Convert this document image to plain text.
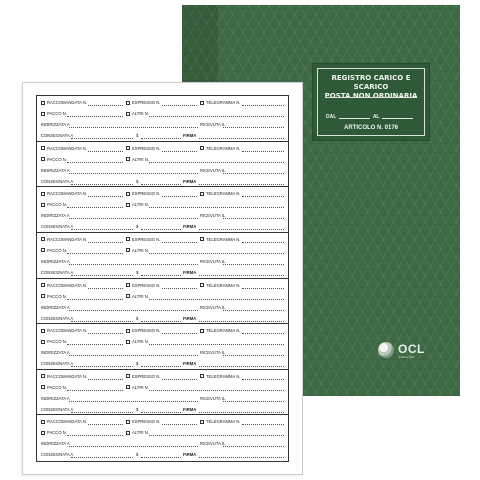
REGISTRO CARICO E SCARICO
POSTA NON ORDINARIA
DAL	AL
ARTICOLO N. 0176
OCL
FOGLI SPA
RACCOMANDATA N.	ESPRESSO N.	TELEGRAMMA N.
PACCO N.	ALTRI N.
INDIRIZZATA A	RICEVUTA IL
CONSEGNATA A	$	FIRMA
RACCOMANDATA N.	ESPRESSO N.	TELEGRAMMA N.
PACCO N.	ALTRI N.
INDIRIZZATA A	RICEVUTA IL
CONSEGNATA A	$	FIRMA
RACCOMANDATA N.	ESPRESSO N.	TELEGRAMMA N.
PACCO N.	ALTRI N.
INDIRIZZATA A	RICEVUTA IL
CONSEGNATA A	$	FIRMA
RACCOMANDATA N.	ESPRESSO N.	TELEGRAMMA N.
PACCO N.	ALTRI N.
INDIRIZZATA A	RICEVUTA IL
CONSEGNATA A	$	FIRMA
RACCOMANDATA N.	ESPRESSO N.	TELEGRAMMA N.
PACCO N.	ALTRI N.
INDIRIZZATA A	RICEVUTA IL
CONSEGNATA A	$	FIRMA
RACCOMANDATA N.	ESPRESSO N.	TELEGRAMMA N.
PACCO N.	ALTRI N.
INDIRIZZATA A	RICEVUTA IL
CONSEGNATA A	$	FIRMA
RACCOMANDATA N.	ESPRESSO N.	TELEGRAMMA N.
PACCO N.	ALTRI N.
INDIRIZZATA A	RICEVUTA IL
CONSEGNATA A	$	FIRMA
RACCOMANDATA N.	ESPRESSO N.	TELEGRAMMA N.
PACCO N.	ALTRI N.
INDIRIZZATA A	RICEVUTA IL
CONSEGNATA A	$	FIRMA
